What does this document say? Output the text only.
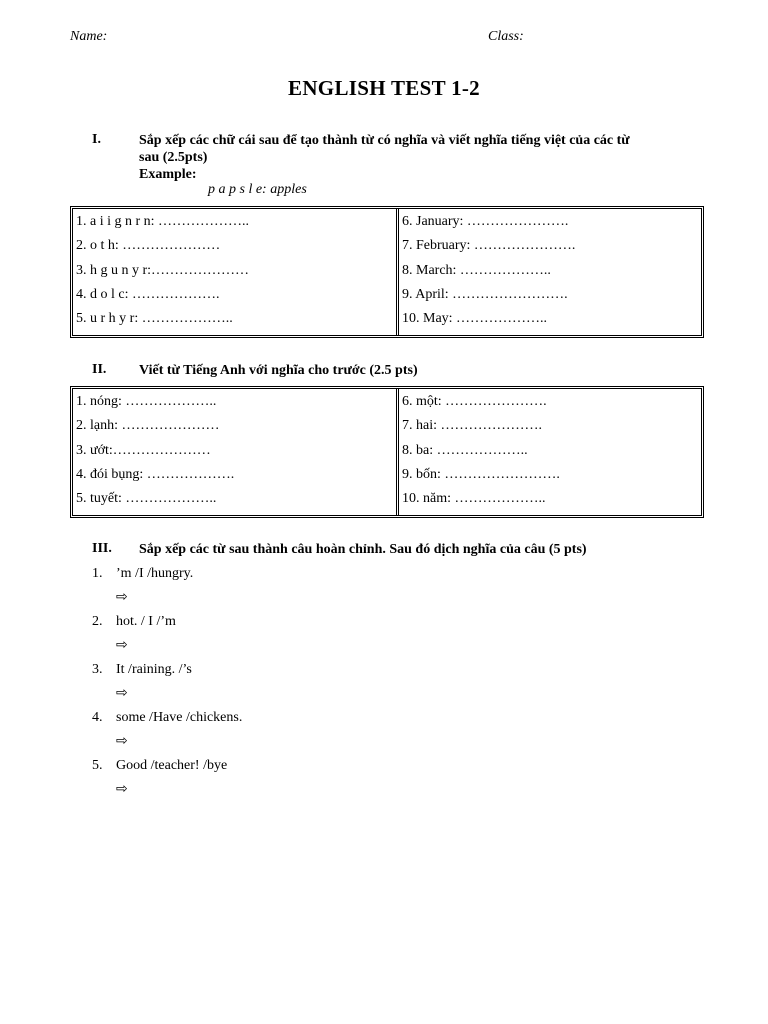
Name:	Class:
ENGLISH TEST 1-2
I.	Sắp xếp các chữ cái sau để tạo thành từ có nghĩa và viết nghĩa tiếng việt của các từ
sau (2.5pts)
Example:
p a p s l e: apples
1. a i i g n r n: ………………..
2. o t h: …………………
3. h g u n y r:…………………
4. d o l c: ……………….
5. u r h y r: ………………..
6. January: ………………….
7. February: ………………….
8. March: ………………..
9. April: …………………….
10. May: ………………..
II. Viết từ Tiếng Anh với nghĩa cho trước (2.5 pts)
1. nóng: ………………..
2. lạnh: …………………
3. ướt:…………………
4. đói bụng: ……………….
5. tuyết: ………………..
6. một: ………………….
7. hai: ………………….
8. ba: ………………..
9. bốn: …………………….
10. năm: ………………..
III. Sắp xếp các từ sau thành câu hoàn chỉnh. Sau đó dịch nghĩa của câu (5 pts)
1. ’m /I /hungry.
⇨
2. hot. / I /’m
⇨
3. It /raining. /’s
⇨
4. some /Have /chickens.
⇨
5. Good /teacher! /bye
⇨
